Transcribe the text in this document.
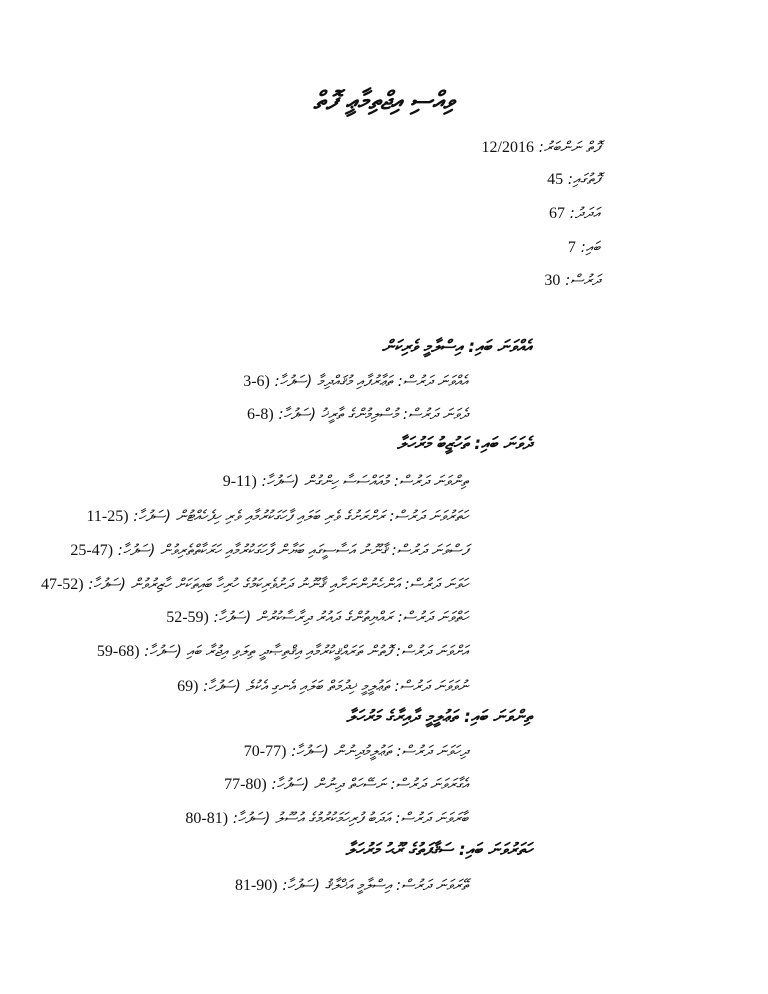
ވިއްސި އިޖްތިމާޢީ ފޮތް
ފޮތް ނަންބަރު: 12/2016
ފޮތުގައި: 45
އަދަދު: 67
ބައި: 7
ދަރުސް: 30
އެއްވަނަ ބައި: އިސްލާމީ ވެރިކަން
އެއްވަނަ ދަރުސް: ތަޢާރުފާއި މުޤައްދިމާ (ސަފުހާ: 3-6)
ދެވަނަ ދަރުސް: މުސްލިމުންގެ ތާރީޚު (ސަފުހާ: 6-8)
ދެވަނަ ބައި: ތަހުޒީބު މަރުހަލާ
ތިންވަނަ ދަރުސް: މުއައްސަސާ ހިންގުން (ސަފުހާ: 9-11)
ހަތަރުވަނަ ދަރުސް: ރަށްރަށުގެ ވެރި ބަލައި ފާހަގަކުރުމާއި ވެރި ހިފެހެއްޓުން (ސަފުހާ: 11-25)
ފަސްވަނަ ދަރުސް: ޤާނޫނު އަސާސީގައި ބަޔާން ފާހަގަކުރުމާއި ހަރަކާތްތެރިވުން (ސަފުހާ: 25-47)
ހަވަނަ ދަރުސް: އަންހެނުންނަށާއި ޤާނޫނު ދަށުވެރިކަމުގެ ހުރިހާ ބައިތަކަށް ހާޒިރުވުން (ސަފުހާ: 47-52)
ހަތްވަނަ ދަރުސް: ރައްޔިތުންގެ ދައުރު ދިރާސާކުރުން (ސަފުހާ: 52-59)
އަށްވަނަ ދަރުސް: ފޮތުން ތަރައްޤީކުރުމާއި އިޤްތިޞާދީ ތިލަވި އިޖުރާ ބައި (ސަފުހާ: 59-68)
ނުވަވަނަ ދަރުސް: ތަޢުލީމީ ޚިދުމަތް ބަލައި އެނގި އެކުލެ (ސަފުހާ: 69)
ތިންވަނަ ބައި: ތަޢުލީމީ ދާއިރާގެ މަރުހަލާ
ދިހަވަނަ ދަރުސް: ތަޢުލީމުދިނުން (ސަފުހާ: 70-77)
އެގާރަވަނަ ދަރުސް: ނަސޭހަތް ދިނުން (ސަފުހާ: 77-80)
ބާރަވަނަ ދަރުސް: އަދަބު ފުރިހަމަކުރުމުގެ އުސޫލު (ސަފުހާ: 80-81)
ހަތަރުވަނަ ބައި: ސަޤާފަތުގެ ރޫޙު މަރުހަލާ
ތޭރަވަނަ ދަރުސް: އިސްލާމީ އަޚްލާޤު (ސަފުހާ: 81-90)
